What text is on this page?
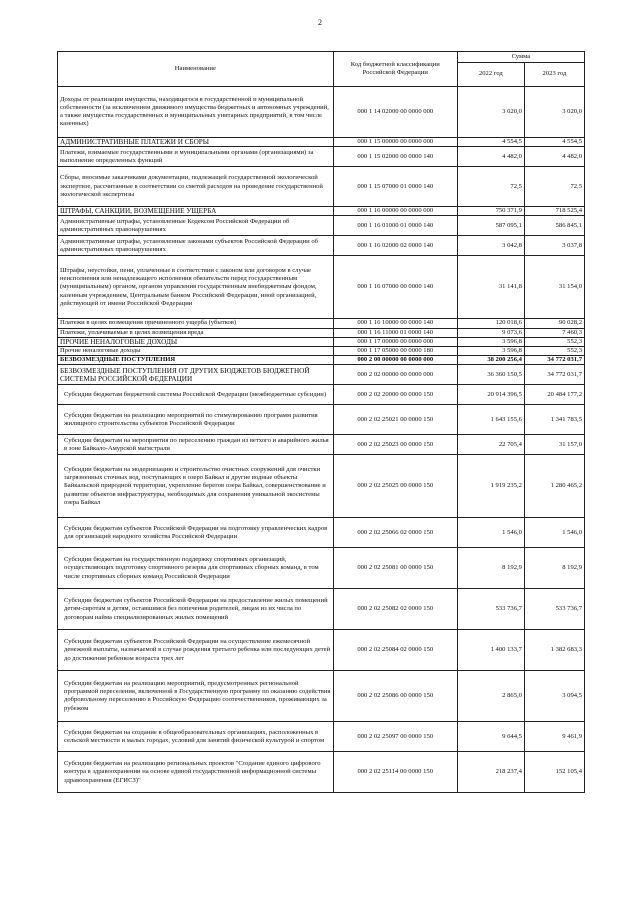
2
Наименование	Код бюджетной классификации Российской Федерации	Сумма	
		2022 год	2023 год
Доходы от реализации имущества, находящегося в государственной и муниципальной собственности (за исключением движимого имущества бюджетных и автономных учреждений, а также имущества государственных и муниципальных унитарных предприятий, в том числе казенных)	000 1 14 02000 00 0000 000	3 020,0	3 020,0
АДМИНИСТРАТИВНЫЕ ПЛАТЕЖИ И СБОРЫ	000 1 15 00000 00 0000 000	4 554,5	4 554,5
Платежи, взимаемые государственными и муниципальными органами (организациями) за выполнение определенных функций	000 1 15 02000 00 0000 140	4 482,0	4 482,0
Сборы, вносимые заказчиками документации, подлежащей государственной экологической экспертизе, рассчитанные в соответствии со сметой расходов на проведение государственной экологической экспертизы	000 1 15 07000 01 0000 140	72,5	72,5
ШТРАФЫ, САНКЦИИ, ВОЗМЕЩЕНИЕ УЩЕРБА	000 1 16 00000 00 0000 000	750 371,9	718 525,4
Административные штрафы, установленные Кодексом Российской Федерации об административных правонарушениях	000 1 16 01000 01 0000 140	587 095,1	586 845,1
Административные штрафы, установленные законами субъектов Российской Федерации об административных правонарушениях	000 1 16 02000 02 0000 140	3 042,8	3 037,8
Штрафы, неустойки, пени, уплаченные в соответствии с законом или договором в случае неисполнения или ненадлежащего исполнения обязательств перед государственным (муниципальным) органом, органом управления государственным внебюджетным фондом, казенным учреждением, Центральным банком Российской Федерации, иной организацией, действующей от имени Российской Федерации	000 1 16 07000 00 0000 140	31 141,8	31 154,0
Платежи в целях возмещения причиненного ущерба (убытков)	000 1 16 10000 00 0000 140	120 018,6	90 028,2
Платежи, уплачиваемые в целях возмещения вреда	000 1 16 11000 01 0000 140	9 073,6	7 460,3
ПРОЧИЕ НЕНАЛОГОВЫЕ ДОХОДЫ	000 1 17 00000 00 0000 000	3 596,8	552,3
Прочие неналоговые доходы	000 1 17 05000 00 0000 180	3 596,8	552,3
БЕЗВОЗМЕЗДНЫЕ ПОСТУПЛЕНИЯ	000 2 00 00000 00 0000 000	38 200 256,4	34 772 031,7
БЕЗВОЗМЕЗДНЫЕ ПОСТУПЛЕНИЯ ОТ ДРУГИХ БЮДЖЕТОВ БЮДЖЕТНОЙ СИСТЕМЫ РОССИЙСКОЙ ФЕДЕРАЦИИ	000 2 02 00000 00 0000 000	36 360 150,5	34 772 031,7
Субсидии бюджетам бюджетной системы Российской Федерации (межбюджетные субсидии)	000 2 02 20000 00 0000 150	20 914 396,5	20 484 177,2
Субсидии бюджетам на реализацию мероприятий по стимулированию программ развития жилищного строительства субъектов Российской Федерации	000 2 02 25021 00 0000 150	1 643 155,6	1 341 783,5
Субсидии бюджетам на мероприятия по переселению граждан из ветхого и аварийного жилья в зоне Байкало-Амурской магистрали	000 2 02 25023 00 0000 150	22 705,4	31 157,0
Субсидии бюджетам на модернизацию и строительство очистных сооружений для очистки загрязненных сточных вод, поступающих в озеро Байкал и другие водные объекты Байкальской природной территории, укрепление берегов озера Байкал, совершенствование и развитие объектов инфраструктуры, необходимых для сохранения уникальной экосистемы озера Байкал	000 2 02 25025 00 0000 150	1 919 235,2	1 280 465,2
Субсидии бюджетам субъектов Российской Федерации на подготовку управленческих кадров для организаций народного хозяйства Российской Федерации	000 2 02 25066 02 0000 150	1 546,0	1 546,0
Субсидии бюджетам на государственную поддержку спортивных организаций, осуществляющих подготовку спортивного резерва для спортивных сборных команд, в том числе спортивных сборных команд Российской Федерации	000 2 02 25081 00 0000 150	8 192,9	8 192,9
Субсидии бюджетам субъектов Российской Федерации на предоставление жилых помещений детям-сиротам и детям, оставшимся без попечения родителей, лицам из их числа по договорам найма специализированных жилых помещений	000 2 02 25082 02 0000 150	533 736,7	533 736,7
Субсидии бюджетам субъектов Российской Федерации на осуществление ежемесячной денежной выплаты, назначаемой в случае рождения третьего ребенка или последующих детей до достижения ребенком возраста трех лет	000 2 02 25084 02 0000 150	1 400 133,7	1 382 683,3
Субсидии бюджетам на реализацию мероприятий, предусмотренных региональной программой переселения, включенной в Государственную программу по оказанию содействия добровольному переселению в Российскую Федерацию соотечественников, проживающих за рубежом	000 2 02 25086 00 0000 150	2 865,0	3 094,5
Субсидии бюджетам на создание в общеобразовательных организациях, расположенных в сельской местности и малых городах, условий для занятий физической культурой и спортом	000 2 02 25097 00 0000 150	9 644,5	9 461,9
Субсидии бюджетам на реализацию региональных проектов "Создание единого цифрового контура в здравоохранении на основе единой государственной информационной системы здравоохранения (ЕГИСЗ)"	000 2 02 25114 00 0000 150	218 237,4	152 105,4
